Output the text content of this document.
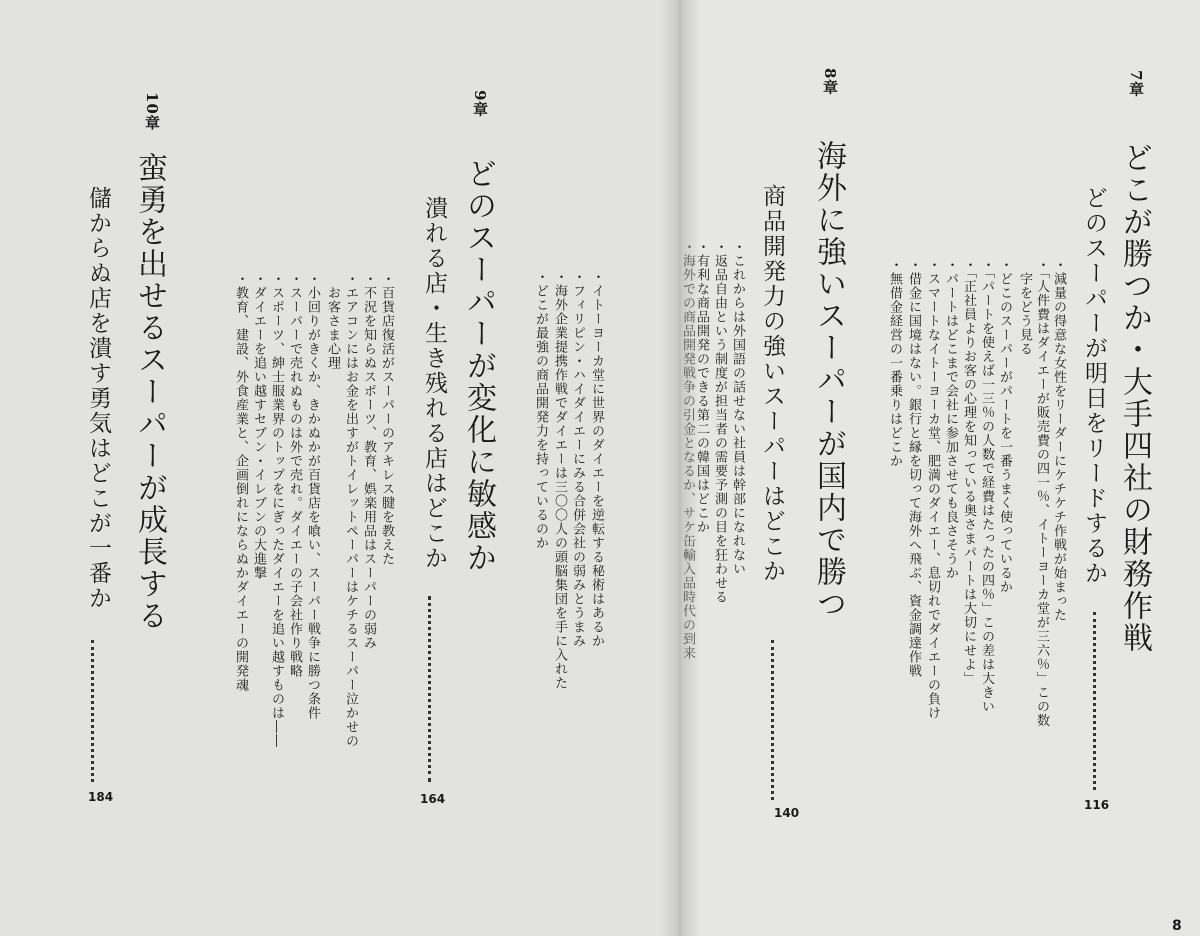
7章
どこが勝つか・大手四社の財務作戦
どのスーパーが明日をリードするか
116
・減量の得意な女性をリーダーにケチケチ作戦が始まった
・「人件費はダイエーが販売費の四一％、イトーヨーカ堂が三六％」この数
　字をどう見る
・どこのスーパーがパートを一番うまく使っているか
・「パートを使えば一三％の人数で経費はたったの四％」この差は大きい
・「正社員よりお客の心理を知っている奥さまパートは大切にせよ」
・パートはどこまで会社に参加させても良さそうか
・スマートなイトーヨーカ堂、肥満のダイエー、息切れでダイエーの負け
・借金に国境はない。銀行と縁を切って海外へ飛ぶ、資金調達作戦
・無借金経営の一番乗りはどこか
8章
海外に強いスーパーが国内で勝つ
商品開発力の強いスーパーはどこか
140
・これからは外国語の話せない社員は幹部になれない
・返品自由という制度が担当者の需要予測の目を狂わせる
・有利な商品開発のできる第二の韓国はどこか
・海外での商品開発戦争の引金となるか、サケ缶輸入品時代の到来
9章
どのスーパーが変化に敏感か
潰れる店・生き残れる店はどこか
164
・イトーヨーカ堂に世界のダイエーを逆転する秘術はあるか
・フィリピン・ハイダイエーにみる合併会社の弱みとうまみ
・海外企業提携作戦でダイエーは三〇〇人の頭脳集団を手に入れた
・どこが最強の商品開発力を持っているのか
10章
蛮勇を出せるスーパーが成長する
儲からぬ店を潰す勇気はどこが一番か
184
・百貨店復活がスーパーのアキレス腱を教えた
・不況を知らぬスポーツ、教育、娯楽用品はスーパーの弱み
・エアコンにはお金を出すがトイレットペーパーはケチるスーパー泣かせの
　お客さま心理
・小回りがきくか、きかぬかが百貨店を喰い、スーパー戦争に勝つ条件
・スーパーで売れぬものは外で売れ。ダイエーの子会社作り戦略
・スポーツ、紳士服業界のトップをにぎったダイエーを追い越すものは――
・ダイエーを追い越すセブン・イレブンの大進撃
・教育、建設、外食産業と、企画倒れにならぬかダイエーの開発魂
8
